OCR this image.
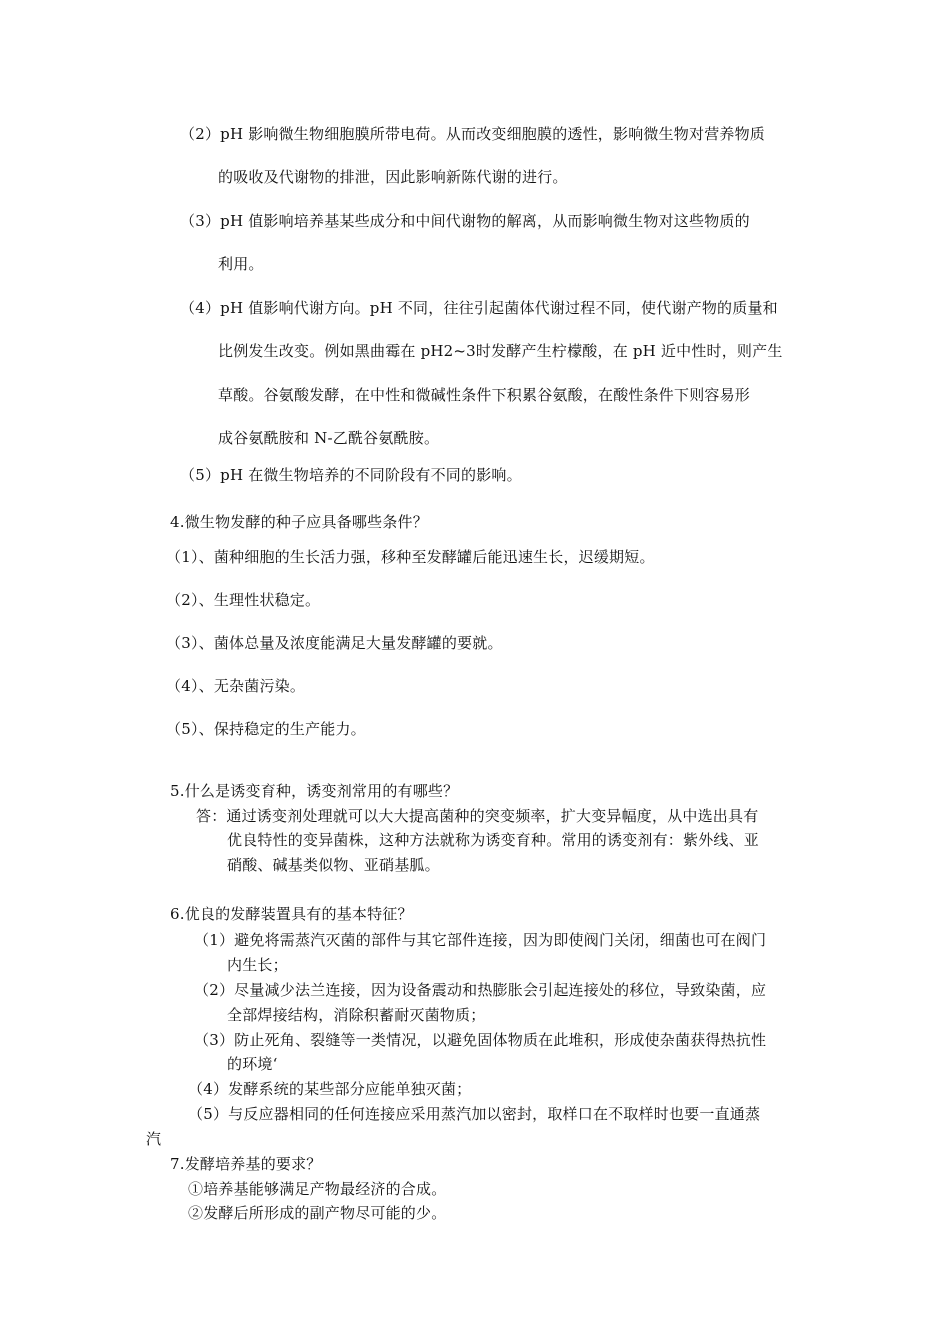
（2）pH 影响微生物细胞膜所带电荷。从而改变细胞膜的透性，影响微生物对营养物质
的吸收及代谢物的排泄，因此影响新陈代谢的进行。
（3）pH 值影响培养基某些成分和中间代谢物的解离，从而影响微生物对这些物质的
利用。
（4）pH 值影响代谢方向。pH 不同，往往引起菌体代谢过程不同，使代谢产物的质量和
比例发生改变。例如黑曲霉在 pH2~3时发酵产生柠檬酸，在 pH 近中性时，则产生
草酸。谷氨酸发酵，在中性和微碱性条件下积累谷氨酸，在酸性条件下则容易形
成谷氨酰胺和 N-乙酰谷氨酰胺。
（5）pH 在微生物培养的不同阶段有不同的影响。
4.微生物发酵的种子应具备哪些条件？
（1）、菌种细胞的生长活力强，移种至发酵罐后能迅速生长，迟缓期短。
（2）、生理性状稳定。
（3）、菌体总量及浓度能满足大量发酵罐的要就。
（4）、无杂菌污染。
（5）、保持稳定的生产能力。
5.什么是诱变育种，诱变剂常用的有哪些？
答：通过诱变剂处理就可以大大提高菌种的突变频率，扩大变异幅度，从中选出具有
优良特性的变异菌株，这种方法就称为诱变育种。常用的诱变剂有：紫外线、亚
硝酸、碱基类似物、亚硝基胍。
6.优良的发酵装置具有的基本特征？
（1）避免将需蒸汽灭菌的部件与其它部件连接，因为即使阀门关闭，细菌也可在阀门
内生长；
（2）尽量减少法兰连接，因为设备震动和热膨胀会引起连接处的移位，导致染菌，应
全部焊接结构，消除积蓄耐灭菌物质；
（3）防止死角、裂缝等一类情况，以避免固体物质在此堆积，形成使杂菌获得热抗性
的环境‘
（4）发酵系统的某些部分应能单独灭菌；
（5）与反应器相同的任何连接应采用蒸汽加以密封，取样口在不取样时也要一直通蒸
汽
7.发酵培养基的要求？
①培养基能够满足产物最经济的合成。
②发酵后所形成的副产物尽可能的少。
